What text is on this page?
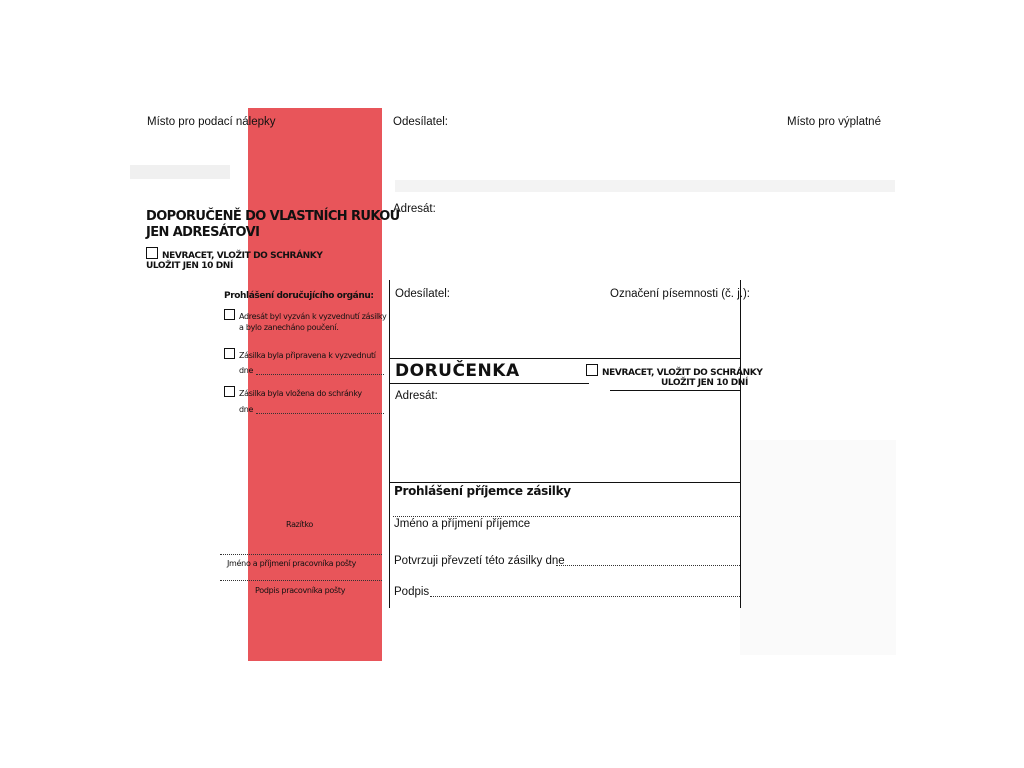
Místo pro podací nálepky	Odesílatel:	Místo pro výplatné
Adresát:
DOPORUČENĚ DO VLASTNÍCH RUKOU
JEN ADRESÁTOVI
NEVRACET, VLOŽIT DO SCHRÁNKY
ULOŽIT JEN 10 DNÍ
Prohlášení doručujícího orgánu:
Adresát byl vyzván k vyzvednutí zásilky
a bylo zanecháno poučení.
Zásilka byla připravena k vyzvednutí
dne
Zásilka byla vložena do schránky
dne
Razítko
Jméno a příjmení pracovníka pošty
Podpis pracovníka pošty
Odesílatel:	Označení písemnosti (č. j.):
DORUČENKA	NEVRACET, VLOŽIT DO SCHRÁNKY
ULOŽIT JEN 10 DNÍ
Adresát:
Prohlášení příjemce zásilky
Jméno a příjmení příjemce
Potvrzuji převzetí této zásilky dne
Podpis
